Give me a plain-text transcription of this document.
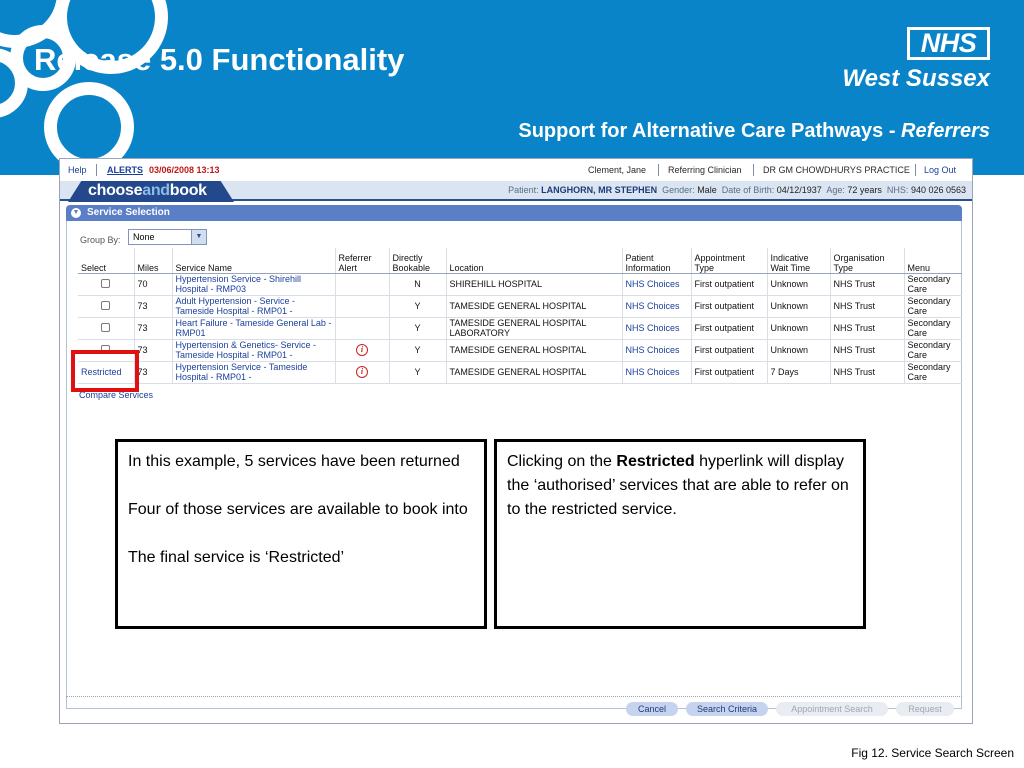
Release 5.0 Functionality
Support for Alternative Care Pathways - Referrers
NHS
West Sussex
Help ALERTS 03/06/2008 13:13	Clement, Jane Referring Clinician DR GM CHOWDHURYS PRACTICE Log Out
chooseandbook	Patient: LANGHORN, MR STEPHEN Gender: Male Date of Birth: 04/12/1937 Age: 72 years NHS: 940 026 0563
▼ Service Selection
Group By:	None	▼
Select	Miles	Service Name	Referrer Alert	Directly Bookable	Location	Patient Information	Appointment Type	Indicative Wait Time	Organisation Type	Menu
	70	Hypertension Service - Shirehill Hospital - RMP03		N	SHIREHILL HOSPITAL	NHS Choices	First outpatient	Unknown	NHS Trust	Secondary Care
	73	Adult Hypertension - Service - Tameside Hospital - RMP01 -		Y	TAMESIDE GENERAL HOSPITAL	NHS Choices	First outpatient	Unknown	NHS Trust	Secondary Care
	73	Heart Failure - Tameside General Lab - RMP01		Y	TAMESIDE GENERAL HOSPITAL LABORATORY	NHS Choices	First outpatient	Unknown	NHS Trust	Secondary Care
	73	Hypertension & Genetics- Service - Tameside Hospital - RMP01 -	i	Y	TAMESIDE GENERAL HOSPITAL	NHS Choices	First outpatient	Unknown	NHS Trust	Secondary Care
Restricted	73	Hypertension Service - Tameside Hospital - RMP01 -	i	Y	TAMESIDE GENERAL HOSPITAL	NHS Choices	First outpatient	7 Days	NHS Trust	Secondary Care
Compare Services
Cancel	Search Criteria	Appointment Search	Request

In this example, 5 services have been returned

Four of those services are available to book into

The final service is ‘Restricted’

Clicking on the Restricted hyperlink will display the ‘authorised’ services that are able to refer on to the restricted service.

Fig 12. Service Search Screen
